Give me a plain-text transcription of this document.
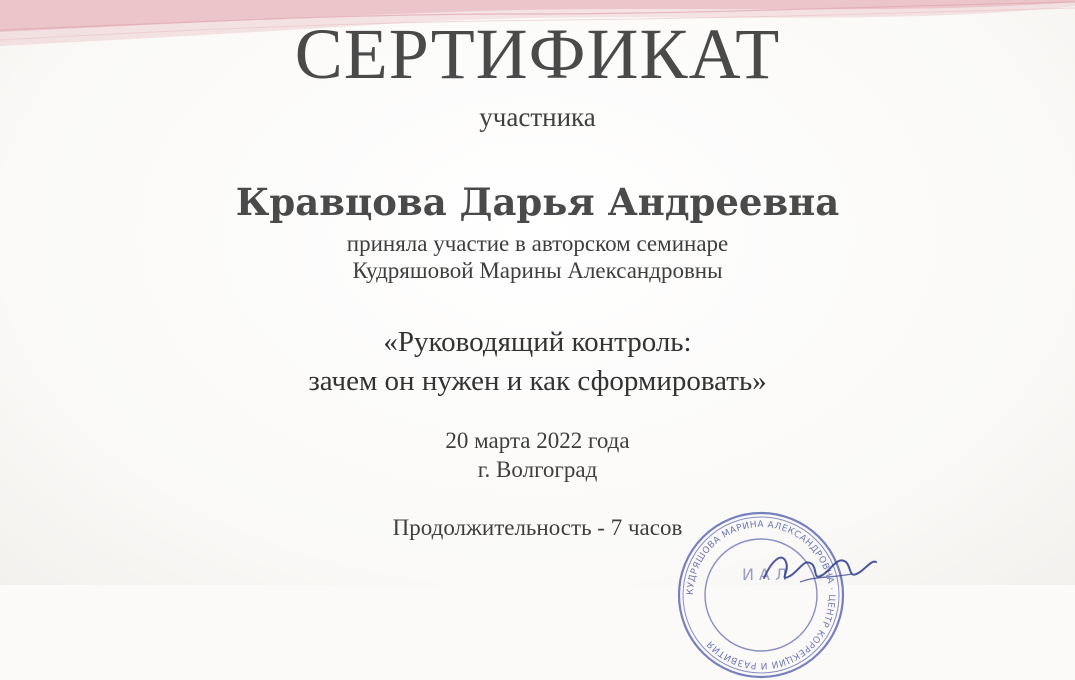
СЕРТИФИКАТ
участника
Кравцова Дарья Андреевна
приняла участие в авторском семинаре
Кудряшовой Марины Александровны
«Руководящий контроль:
зачем он нужен и как сформировать»
20 марта 2022 года
г. Волгоград
Продолжительность - 7 часов
КУДРЯШОВА МАРИНА АЛЕКСАНДРОВНА · ЦЕНТР КОРРЕКЦИИ И РАЗВИТИЯ
И А Л
